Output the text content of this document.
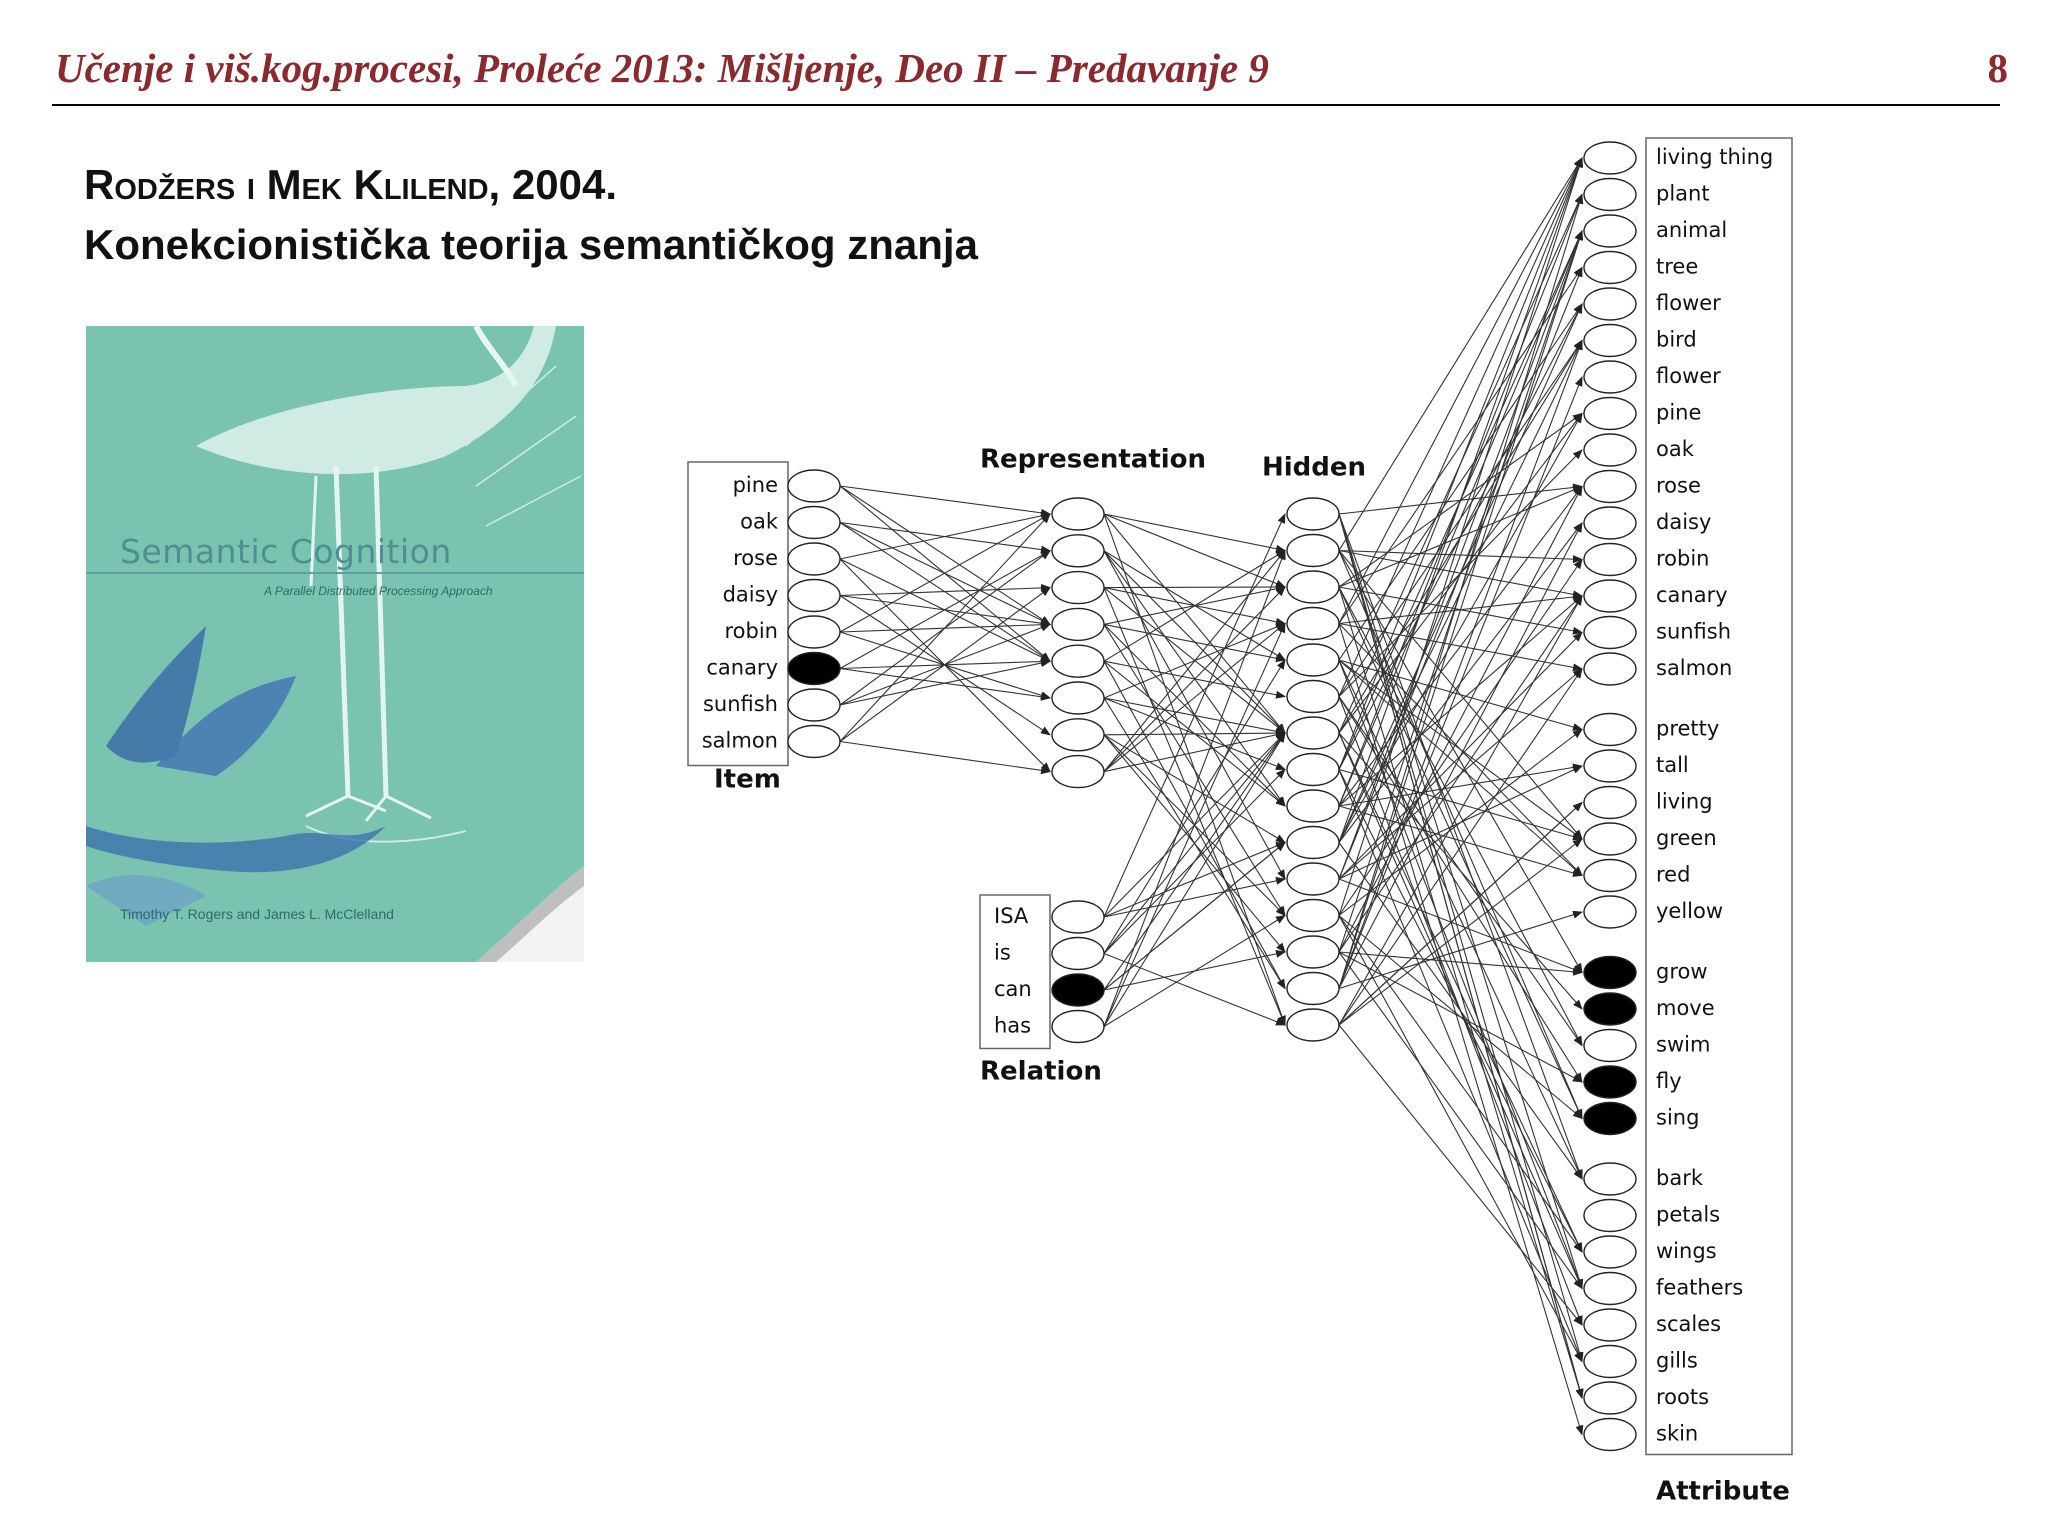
Učenje i viš.kog.procesi, Proleće 2013: Mišljenje, Deo II – Predavanje 9	8
Rodžers i Mek Klilend, 2004.
Konekcionistička teorija semantičkog znanja
Semantic Cognition
A Parallel Distributed Processing Approach
Timothy T. Rogers and James L. McClelland
pine
oak
rose
daisy
robin
canary
sunfish
salmon
ISA
is
can
has
living thing
plant
animal
tree
flower
bird
flower
pine
oak
rose
daisy
robin
canary
sunfish
salmon
pretty
tall
living
green
red
yellow
grow
move
swim
fly
sing
bark
petals
wings
feathers
scales
gills
roots
skin
Representation Hidden
Item
Relation
Attribute
